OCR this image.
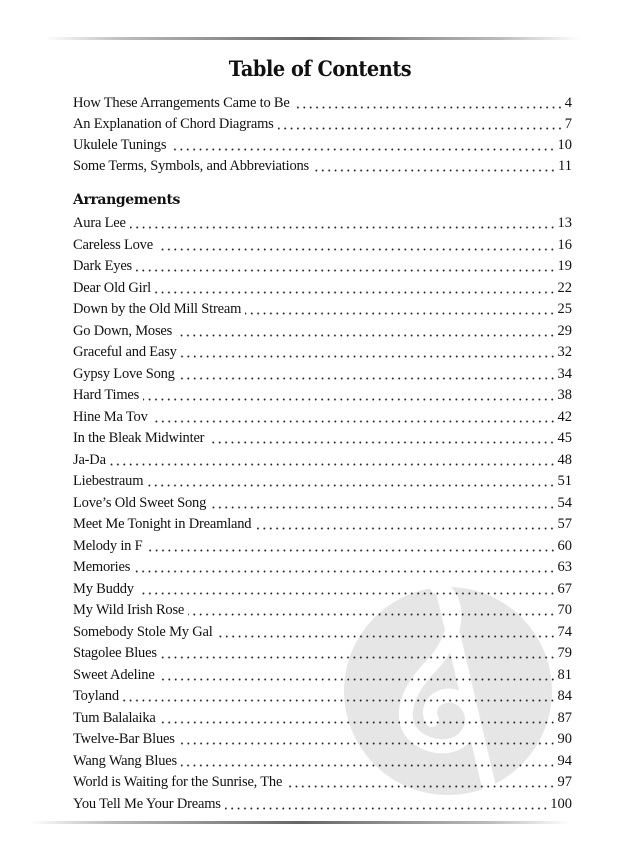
Table of Contents
How These Arrangements Came to Be	4
An Explanation of Chord Diagrams	7
Ukulele Tunings	10
Some Terms, Symbols, and Abbreviations	11
Arrangements
Aura Lee	13
Careless Love	16
Dark Eyes	19
Dear Old Girl	22
Down by the Old Mill Stream	25
Go Down, Moses	29
Graceful and Easy	32
Gypsy Love Song	34
Hard Times	38
Hine Ma Tov	42
In the Bleak Midwinter	45
Ja-Da	48
Liebestraum	51
Love’s Old Sweet Song	54
Meet Me Tonight in Dreamland	57
Melody in F	60
Memories	63
My Buddy	67
My Wild Irish Rose	70
Somebody Stole My Gal	74
Stagolee Blues	79
Sweet Adeline	81
Toyland	84
Tum Balalaika	87
Twelve-Bar Blues	90
Wang Wang Blues	94
World is Waiting for the Sunrise, The	97
You Tell Me Your Dreams	100
